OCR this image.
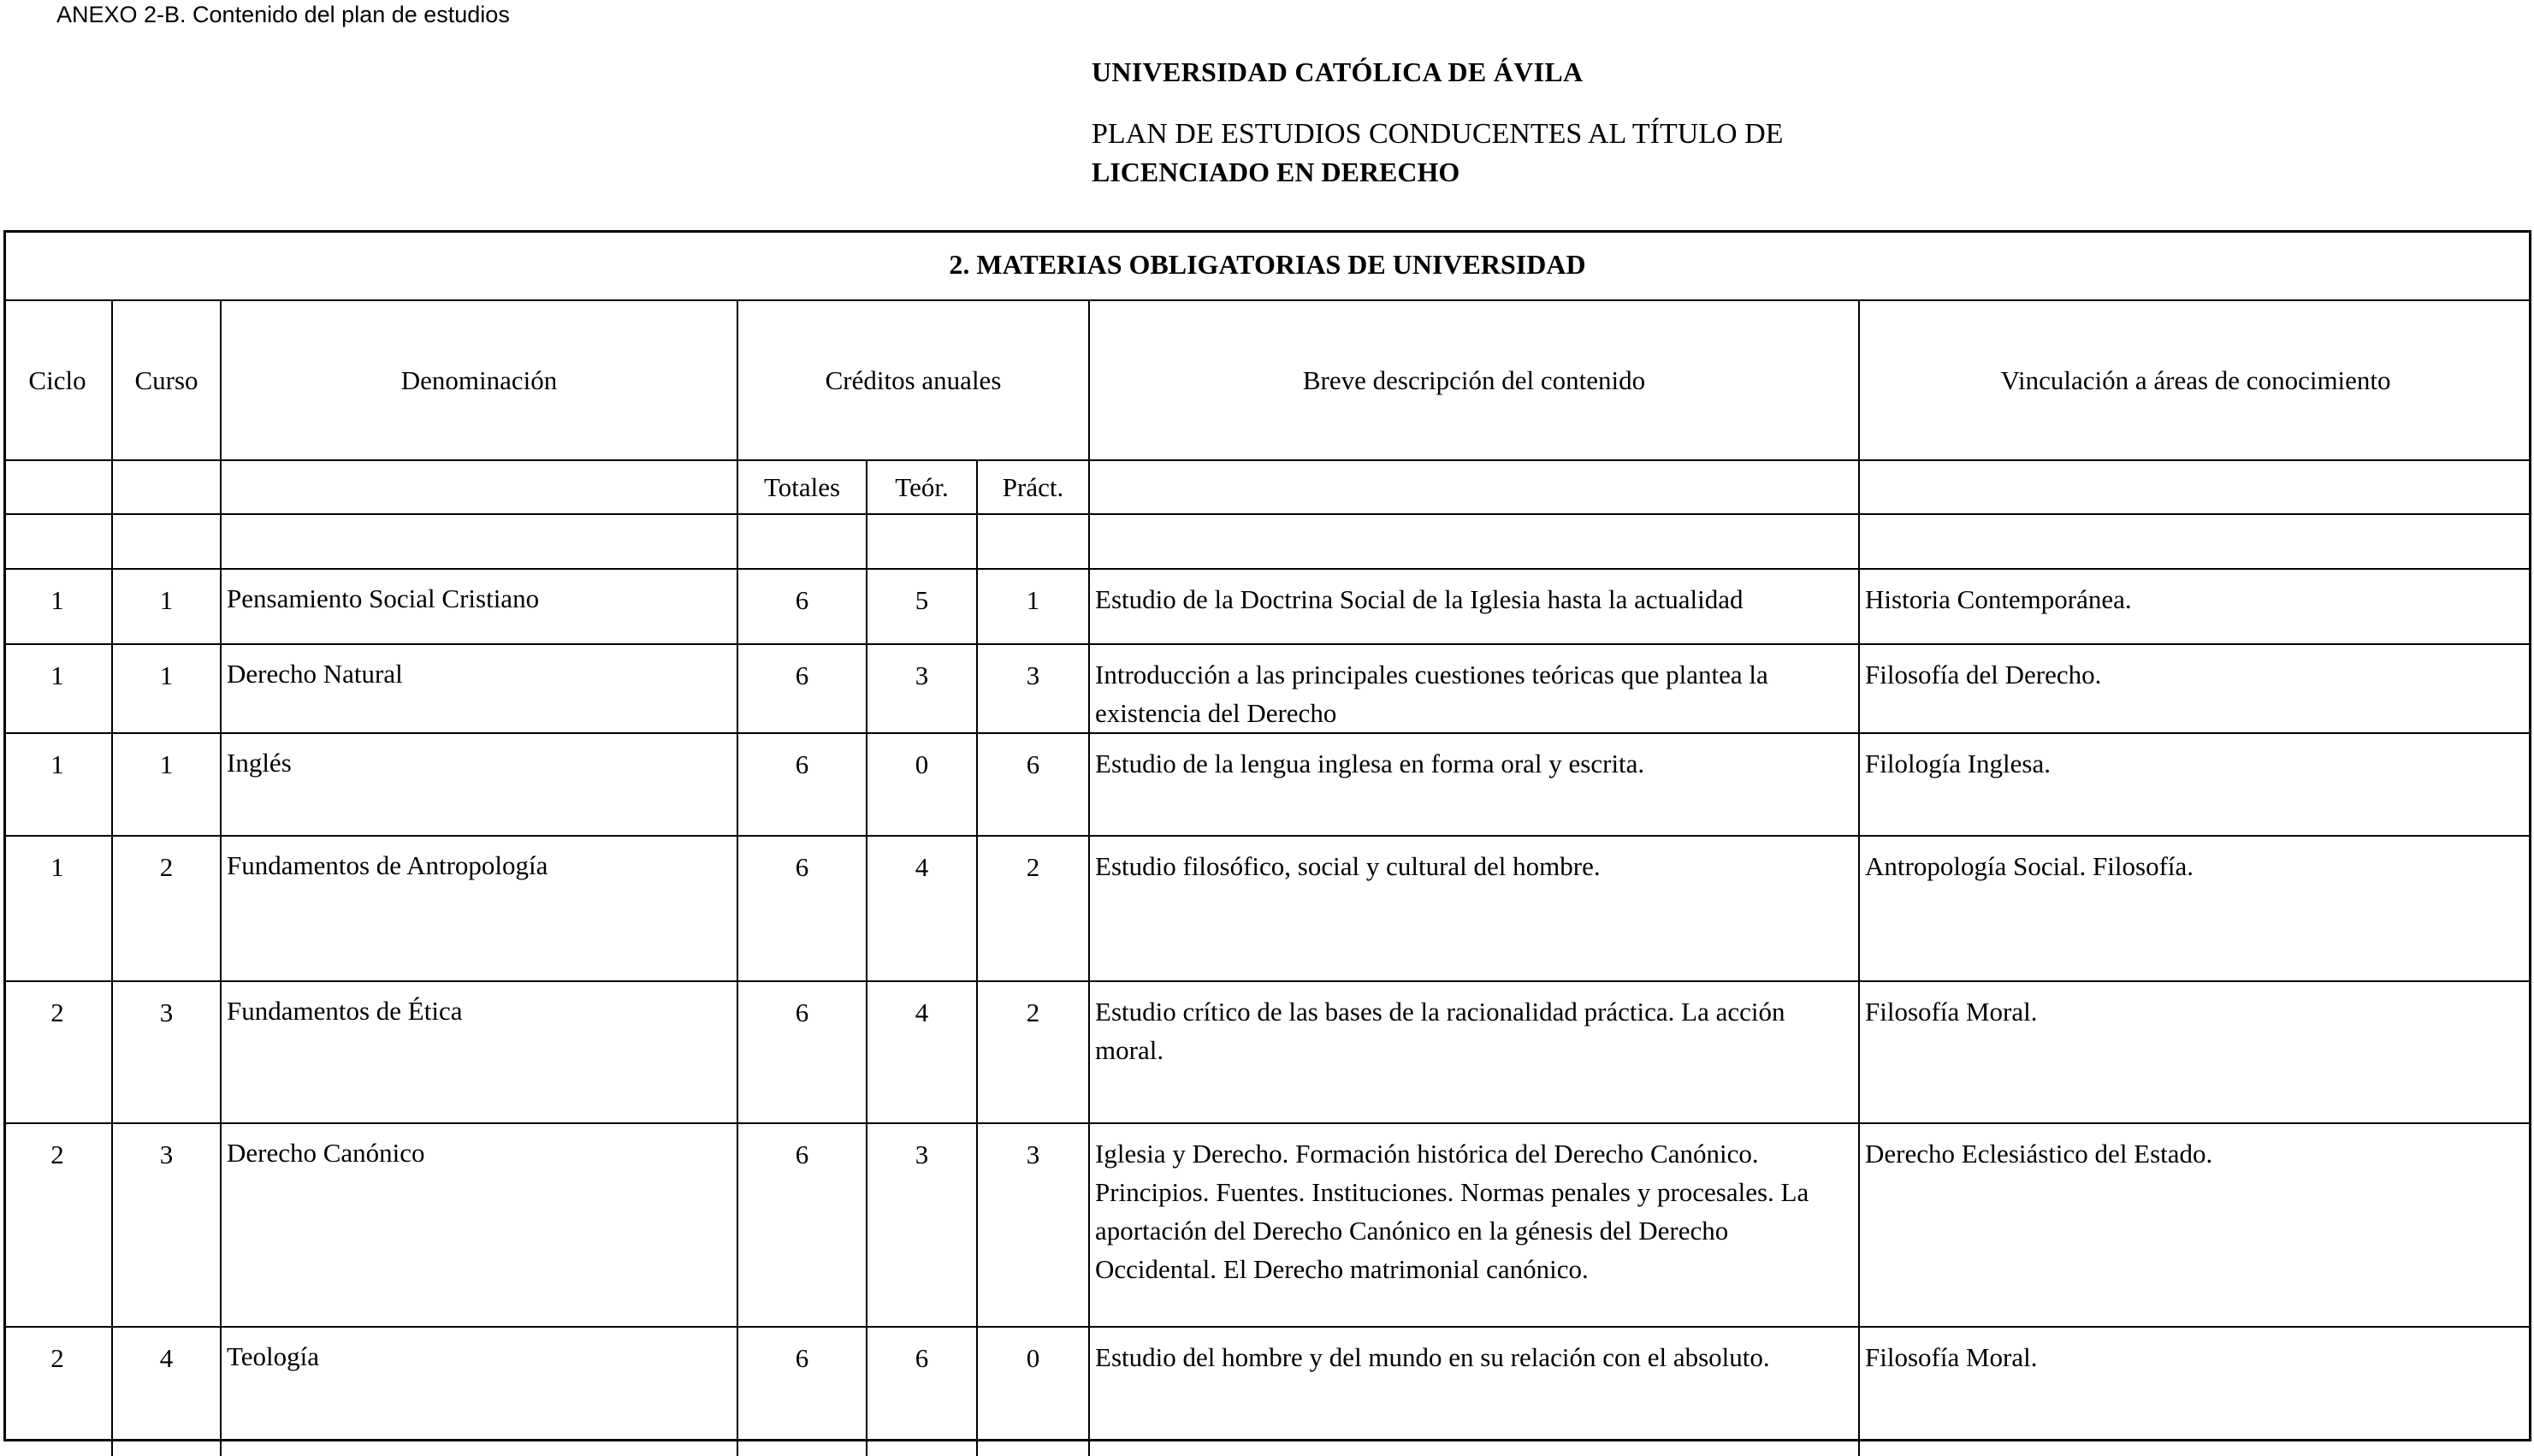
ANEXO 2-B. Contenido del plan de estudios
UNIVERSIDAD CATÓLICA DE ÁVILA
PLAN DE ESTUDIOS CONDUCENTES AL TÍTULO DE
LICENCIADO EN DERECHO
2. MATERIAS OBLIGATORIAS DE UNIVERSIDAD
Ciclo	Curso	Denominación	Créditos anuales			Breve descripción del contenido	Vinculación a áreas de conocimiento
			Totales	Teór.	Práct.		

1	1	Pensamiento Social Cristiano	6	5	1	Estudio de la Doctrina Social de la Iglesia hasta la actualidad	Historia Contemporánea.
1	1	Derecho Natural	6	3	3	Introducción a las principales cuestiones teóricas que plantea la existencia del Derecho	Filosofía del Derecho.
1	1	Inglés	6	0	6	Estudio de la lengua inglesa en forma oral y escrita.	Filología Inglesa.
1	2	Fundamentos de Antropología	6	4	2	Estudio filosófico, social y cultural del hombre.	Antropología Social. Filosofía.
2	3	Fundamentos de Ética	6	4	2	Estudio crítico de las bases de la racionalidad práctica. La acción moral.	Filosofía Moral.
2	3	Derecho Canónico	6	3	3	Iglesia y Derecho. Formación histórica del Derecho Canónico. Principios. Fuentes. Instituciones. Normas penales y procesales. La aportación del Derecho Canónico en la génesis del Derecho Occidental. El Derecho matrimonial canónico.	Derecho Eclesiástico del Estado.
2	4	Teología	6	6	0	Estudio del hombre y del mundo en su relación con el absoluto.	Filosofía Moral.
